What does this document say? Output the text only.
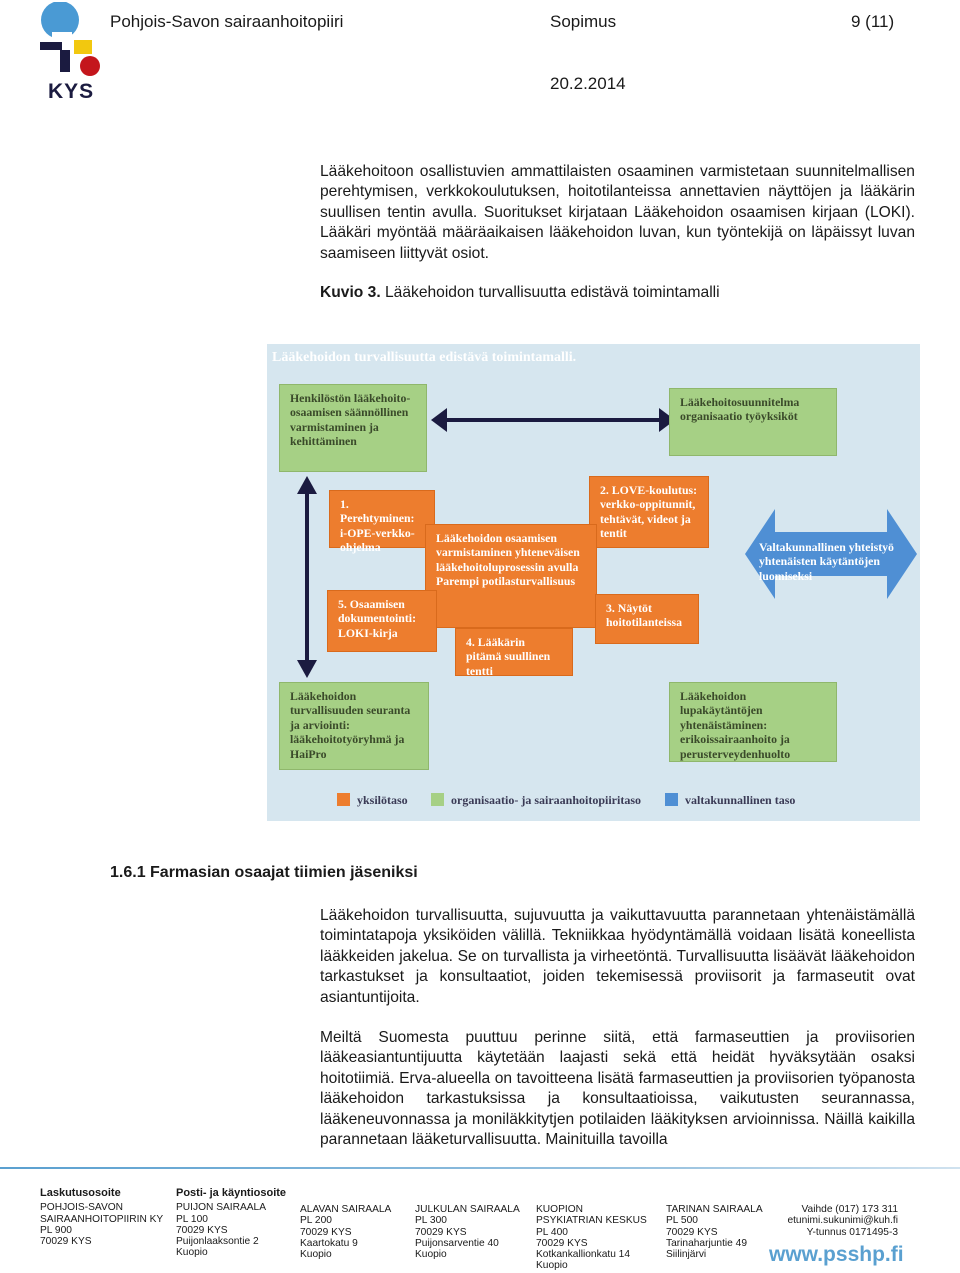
KYS
Pohjois-Savon sairaanhoitopiiri	Sopimus	9 (11)
20.2.2014
Lääkehoitoon osallistuvien ammattilaisten osaaminen varmistetaan suunnitelmallisen perehtymisen, verkkokoulutuksen, hoitotilanteissa annettavien näyttöjen ja lääkärin suullisen tentin avulla. Suoritukset kirjataan Lääkehoidon osaamisen kirjaan (LOKI). Lääkäri myöntää määräaikaisen lääkehoidon luvan, kun työntekijä on läpäissyt luvan saamiseen liittyvät osiot.
Kuvio 3. Lääkehoidon turvallisuutta edistävä toimintamalli
Lääkehoidon turvallisuutta edistävä toimintamalli.
Henkilöstön lääkehoito-osaamisen säännöllinen varmistaminen ja kehittäminen
Lääkehoitosuunnitelma organisaatio työyksiköt
1. Perehtyminen: i-OPE-verkko-ohjelma
2. LOVE-koulutus: verkko-oppitunnit, tehtävät, videot ja tentit
Lääkehoidon osaamisen varmistaminen yhteneväisen lääkehoitoluprosessin avulla Parempi potilasturvallisuus
5. Osaamisen dokumentointi: LOKI-kirja
3. Näytöt hoitotilanteissa
4. Lääkärin pitämä suullinen tentti
Valtakunnallinen yhteistyö yhtenäisten käytäntöjen luomiseksi
Lääkehoidon turvallisuuden seuranta ja arviointi: lääkehoitotyöryhmä ja HaiPro
Lääkehoidon lupakäytäntöjen yhtenäistäminen: erikoissairaanhoito ja perusterveydenhuolto
yksilötaso	organisaatio- ja sairaanhoitopiiritaso	valtakunnallinen taso
1.6.1 Farmasian osaajat tiimien jäseniksi
Lääkehoidon turvallisuutta, sujuvuutta ja vaikuttavuutta parannetaan yhtenäistämällä toimintatapoja yksiköiden välillä. Tekniikkaa hyödyntämällä voidaan lisätä koneellista lääkkeiden jakelua. Se on turvallista ja virheetöntä. Turvallisuutta lisäävät lääkehoidon tarkastukset ja konsultaatiot, joiden tekemisessä proviisorit ja farmaseutit ovat asiantuntijoita.
Meiltä Suomesta puuttuu perinne siitä, että farmaseuttien ja proviisorien lääkeasiantuntijuutta käytetään laajasti sekä että heidät hyväksytään osaksi hoitotiimiä. Erva-alueella on tavoitteena lisätä farmaseuttien ja proviisorien työpanosta lääkehoidon tarkastuksissa ja konsultaatioissa, vaikutusten seurannassa, lääkeneuvonnassa ja moniläkkitytjen potilaiden lääkityksen arvioinnissa. Näillä kaikilla parannetaan lääketurvallisuutta. Mainituilla tavoilla
Laskutusosoite
POHJOIS-SAVON
SAIRAANHOITOPIIRIN KY
PL 900
70029 KYS
Posti- ja käyntiosoite
PUIJON SAIRAALA
PL 100
70029 KYS
Puijonlaaksontie 2
Kuopio
ALAVAN SAIRAALA
PL 200
70029 KYS
Kaartokatu 9
Kuopio
JULKULAN SAIRAALA
PL 300
70029 KYS
Puijonsarventie 40
Kuopio
KUOPION
PSYKIATRIAN KESKUS
PL 400
70029 KYS
Kotkankallionkatu 14
Kuopio
TARINAN SAIRAALA
PL 500
70029 KYS
Tarinaharjuntie 49
Siilinjärvi
Vaihde (017) 173 311
etunimi.sukunimi@kuh.fi
Y-tunnus 0171495-3
www.psshp.fi
